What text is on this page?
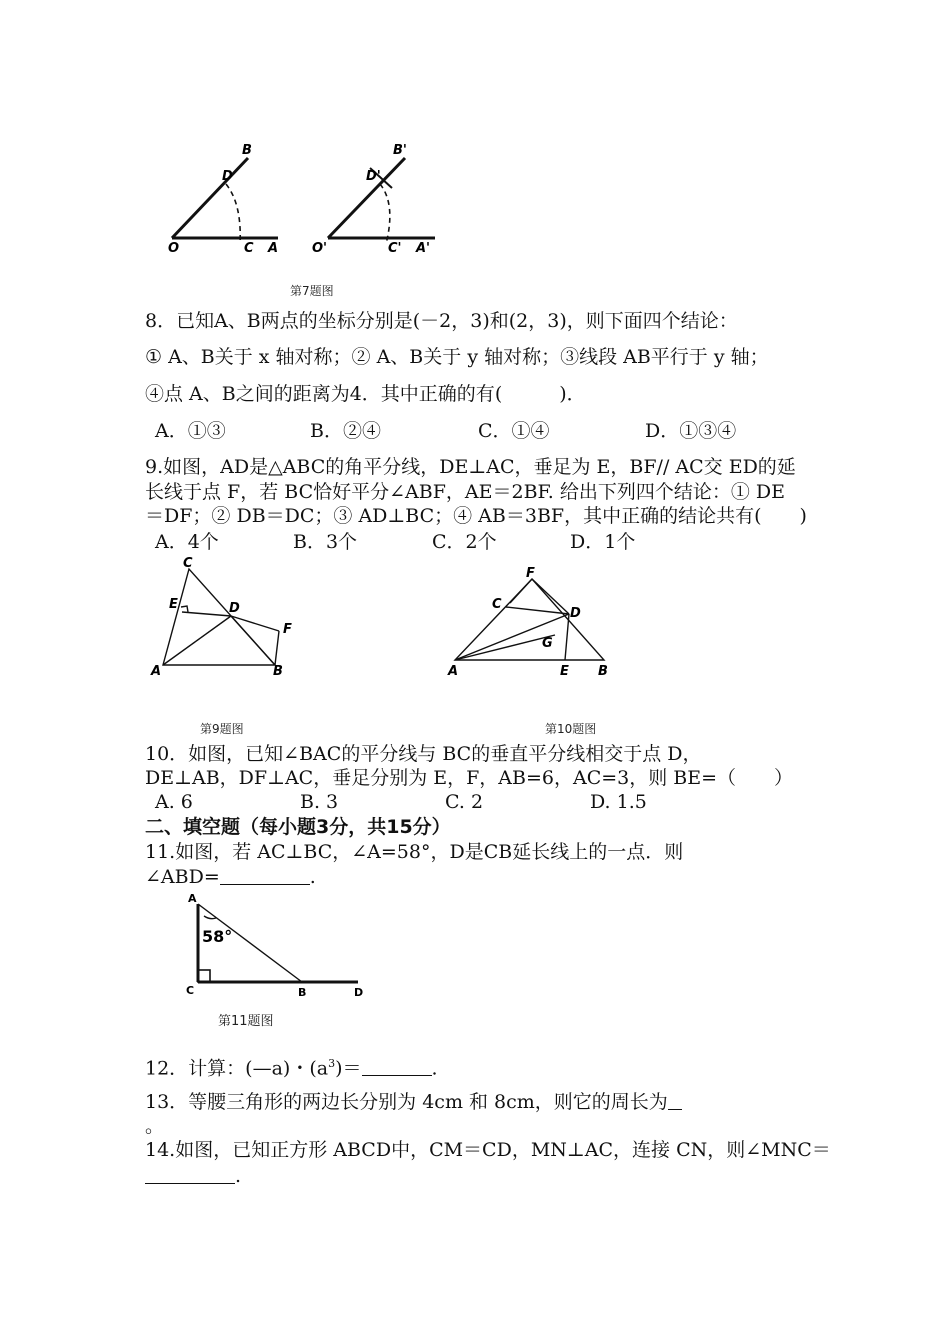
B
D
O	C A
B'
D'
O'	C' A'
第7题图
8．已知A、B两点的坐标分别是(－2，3)和(2，3)，则下面四个结论：
① A、B关于 x 轴对称；② A、B关于 y 轴对称；③线段 AB平行于 y 轴；
④点 A、B之间的距离为4．其中正确的有(　　　)．
A．①③	B．②④	C．①④	D．①③④
9.如图，AD是△ABC的角平分线，DE⊥AC，垂足为 E，BF// AC交 ED的延
长线于点 F，若 BC恰好平分∠ABF，AE＝2BF. 给出下列四个结论：① DE
＝DF；② DB＝DC；③ AD⊥BC；④ AB＝3BF，其中正确的结论共有(　　)
A．4个	B．3个	C．2个	D．1个
C
E	D
F
A	B
第9题图
F
C
D
G
A	E B
第10题图
10．如图，已知∠BAC的平分线与 BC的垂直平分线相交于点 D，
DE⊥AB，DF⊥AC，垂足分别为 E，F，AB=6，AC=3，则 BE=（　　）
A. 6	B. 3	C. 2	D. 1.5
二、填空题（每小题3分，共15分）
11.如图，若 AC⊥BC，∠A=58°，D是CB延长线上的一点．则
∠ABD=	.
58°
A
C	B	D
第11题图
12．计算：(—a)・$(a^3)=$	.
13．等腰三角形的两边长分别为 4cm 和 8cm，则它的周长为
。
14.如图，已知正方形 ABCD中，CM＝CD，MN⊥AC，连接 CN，则∠MNC＝
.
